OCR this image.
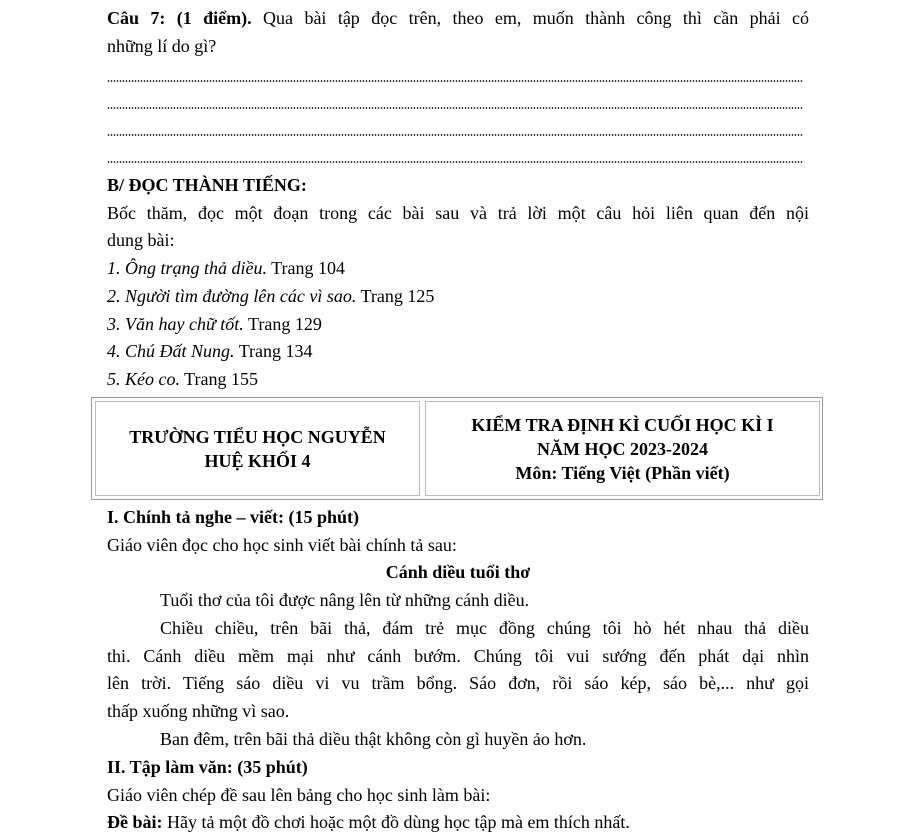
Câu 7: (1 điểm). Qua bài tập đọc trên, theo em, muốn thành công thì cần phải có
những lí do gì?
B/ ĐỌC THÀNH TIẾNG:
Bốc thăm, đọc một đoạn trong các bài sau và trả lời một câu hỏi liên quan đến nội
dung bài:
1. Ông trạng thả diều. Trang 104
2. Người tìm đường lên các vì sao. Trang 125
3. Văn hay chữ tốt. Trang 129
4. Chú Đất Nung. Trang 134
5. Kéo co. Trang 155
TRƯỜNG TIỂU HỌC NGUYỄN
HUỆ KHỐI 4
KIỂM TRA ĐỊNH KÌ CUỐI HỌC KÌ I
NĂM HỌC 2023-2024
Môn: Tiếng Việt (Phần viết)
I. Chính tả nghe – viết: (15 phút)
Giáo viên đọc cho học sinh viết bài chính tả sau:
Cánh diều tuổi thơ
Tuổi thơ của tôi được nâng lên từ những cánh diều.
Chiều chiều, trên bãi thả, đám trẻ mục đồng chúng tôi hò hét nhau thả diều
thi. Cánh diều mềm mại như cánh bướm. Chúng tôi vui sướng đến phát dại nhìn
lên trời. Tiếng sáo diều vi vu trầm bổng. Sáo đơn, rồi sáo kép, sáo bè,... như gọi
thấp xuống những vì sao.
Ban đêm, trên bãi thả diều thật không còn gì huyền ảo hơn.
II. Tập làm văn: (35 phút)
Giáo viên chép đề sau lên bảng cho học sinh làm bài:
Đề bài: Hãy tả một đồ chơi hoặc một đồ dùng học tập mà em thích nhất.
